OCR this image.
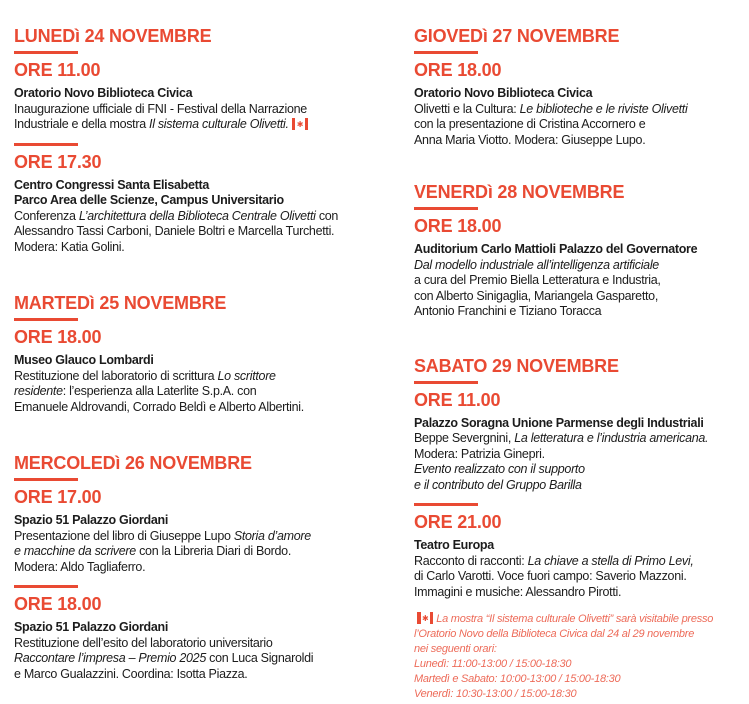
LUNEDì 24 NOVEMBRE
ORE 11.00
Oratorio Novo Biblioteca Civica
Inaugurazione ufficiale di FNI - Festival della Narrazione
Industriale e della mostra Il sistema culturale Olivetti. ✱
ORE 17.30
Centro Congressi Santa Elisabetta
Parco Area delle Scienze, Campus Universitario
Conferenza L’architettura della Biblioteca Centrale Olivetti con
Alessandro Tassi Carboni, Daniele Boltri e Marcella Turchetti.
Modera: Katia Golini.
MARTEDì 25 NOVEMBRE
ORE 18.00
Museo Glauco Lombardi
Restituzione del laboratorio di scrittura Lo scrittore
residente: l’esperienza alla Laterlite S.p.A. con
Emanuele Aldrovandi, Corrado Beldì e Alberto Albertini.
MERCOLEDì 26 NOVEMBRE
ORE 17.00
Spazio 51 Palazzo Giordani
Presentazione del libro di Giuseppe Lupo Storia d’amore
e macchine da scrivere con la Libreria Diari di Bordo.
Modera: Aldo Tagliaferro.
ORE 18.00
Spazio 51 Palazzo Giordani
Restituzione dell’esito del laboratorio universitario
Raccontare l’impresa – Premio 2025 con Luca Signaroldi
e Marco Gualazzini. Coordina: Isotta Piazza.
GIOVEDì 27 NOVEMBRE
ORE 18.00
Oratorio Novo Biblioteca Civica
Olivetti e la Cultura: Le biblioteche e le riviste Olivetti
con la presentazione di Cristina Accornero e
Anna Maria Viotto. Modera: Giuseppe Lupo.
VENERDì 28 NOVEMBRE
ORE 18.00
Auditorium Carlo Mattioli Palazzo del Governatore
Dal modello industriale all’intelligenza artificiale
a cura del Premio Biella Letteratura e Industria,
con Alberto Sinigaglia, Mariangela Gasparetto,
Antonio Franchini e Tiziano Toracca
SABATO 29 NOVEMBRE
ORE 11.00
Palazzo Soragna Unione Parmense degli Industriali
Beppe Severgnini, La letteratura e l’industria americana.
Modera: Patrizia Ginepri.
Evento realizzato con il supporto
e il contributo del Gruppo Barilla
ORE 21.00
Teatro Europa
Racconto di racconti: La chiave a stella di Primo Levi,
di Carlo Varotti. Voce fuori campo: Saverio Mazzoni.
Immagini e musiche: Alessandro Pirotti.
✱ La mostra “Il sistema culturale Olivetti” sarà visitabile presso
l’Oratorio Novo della Biblioteca Civica dal 24 al 29 novembre
nei seguenti orari:
Lunedì: 11:00-13:00 / 15:00-18:30
Martedì e Sabato: 10:00-13:00 / 15:00-18:30
Venerdì: 10:30-13:00 / 15:00-18:30
